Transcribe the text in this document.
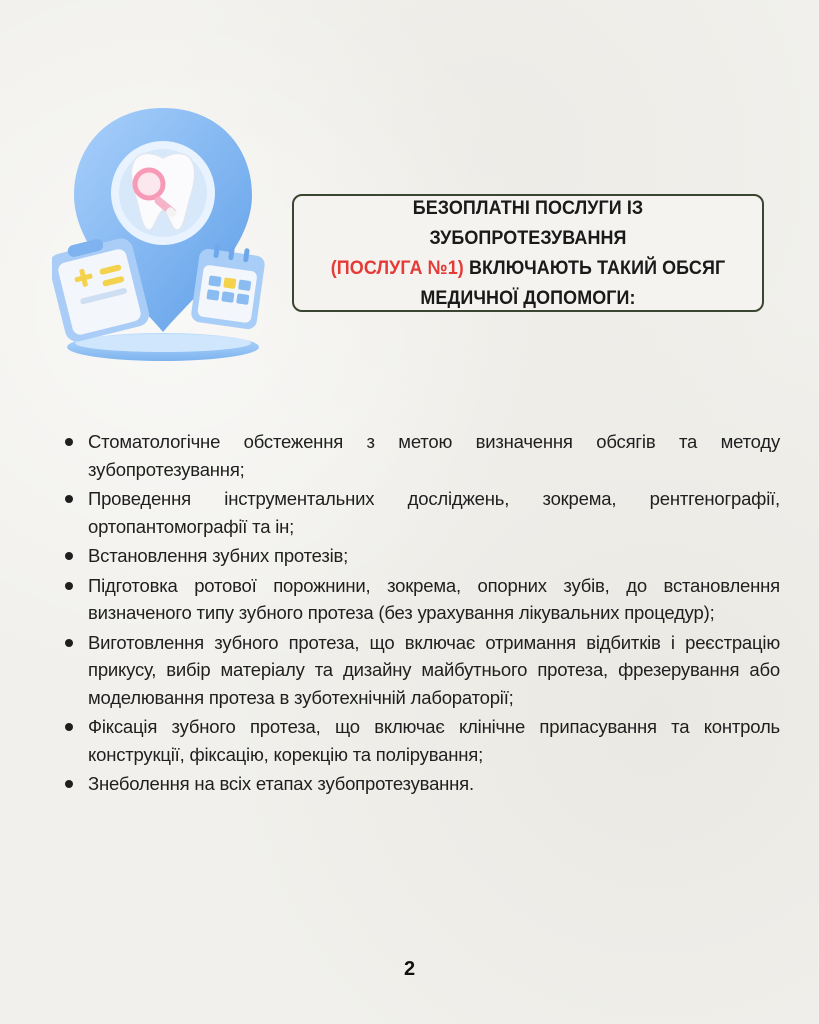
БЕЗОПЛАТНІ ПОСЛУГИ ІЗ ЗУБОПРОТЕЗУВАННЯ
(ПОСЛУГА №1) ВКЛЮЧАЮТЬ ТАКИЙ ОБСЯГ
МЕДИЧНОЇ ДОПОМОГИ:
Стоматологічне обстеження з метою визначення обсягів та методу зубопротезування;
Проведення інструментальних досліджень, зокрема, рентгенографії, ортопантомографії та ін;
Встановлення зубних протезів;
Підготовка ротової порожнини, зокрема, опорних зубів, до встановлення визначеного типу зубного протеза (без урахування лікувальних процедур);
Виготовлення зубного протеза, що включає отримання відбитків і реєстрацію прикусу, вибір матеріалу та дизайну майбутнього протеза, фрезерування або моделювання протеза в зуботехнічній лабораторії;
Фіксація зубного протеза, що включає клінічне припасування та контроль конструкції, фіксацію, корекцію та полірування;
Знеболення на всіх етапах зубопротезування.
2
